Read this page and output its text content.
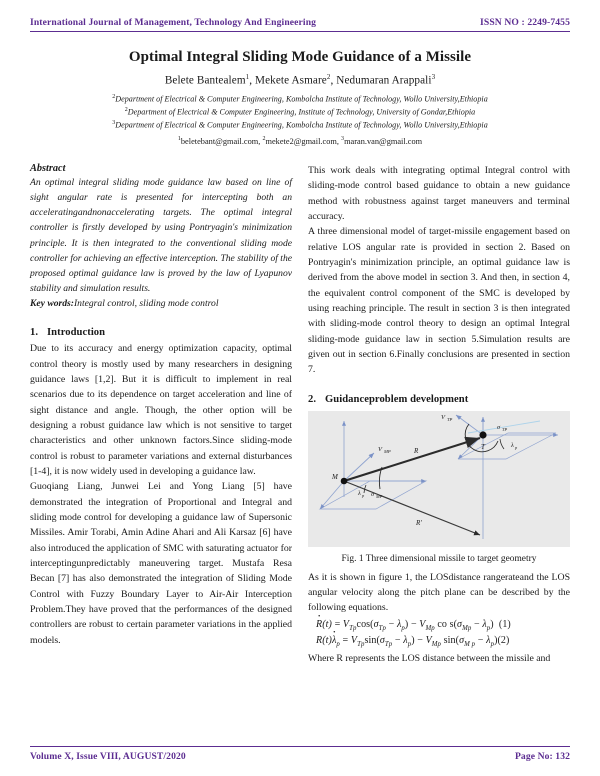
International Journal of Management, Technology And Engineering	ISSN NO : 2249-7455
Optimal Integral Sliding Mode Guidance of a Missile
Belete Bantealem$^1$, Mekete Asmare$^2$, Nedumaran Arappali$^3$
$^2$Department of Electrical & Computer Engineering, Kombolcha Institute of Technology, Wollo University,Ethiopia
$^2$Department of Electrical & Computer Engineering, Institute of Technology, University of Gondar,Ethiopia
$^3$Department of Electrical & Computer Engineering, Kombolcha Institute of Technology, Wollo University,Ethiopia
$^1$beletebant@gmail.com, $^2$mekete2@gmail.com, $^3$maran.van@gmail.com
Abstract

An optimal integral sliding mode guidance law based on line of sight angular rate is presented for intercepting both an acceleratingandnonaccelerating targets. The optimal integral controller is firstly developed by using Pontryagin's minimization principle. It is then integrated to the conventional sliding mode controller for achieving an effective interception. The stability of the proposed optimal guidance law is proved by the law of Lyapunov stability and simulation results.

Key words:Integral control, sliding mode control
1. Introduction

Due to its accuracy and energy optimization capacity, optimal control theory is mostly used by many researchers in designing guidance laws [1,2]. But it is difficult to implement in real scenarios due to its dependence on target acceleration and line of sight distance and angle. Though, the other option will be designing a robust guidance law which is not sensitive to target characteristics and other unknown factors.Since sliding-mode control is robust to parameter variations and external disturbances [1-4], it is now widely used in developing a guidance law.

Guoqiang Liang, Junwei Lei and Yong Liang [5] have demonstrated the integration of Proportional and Integral and sliding mode control for developing a guidance law of Supersonic Missiles. Amir Torabi, Amin Adine Ahari and Ali Karsaz [6] have also introduced the application of SMC with saturating actuator for interceptingunpredictably maneuvering target. Mustafa Resa Becan [7] has also demonstrated the integration of Sliding Mode Control with Fuzzy Boundary Layer to Air-Air Interception Problem.They have proved that the performances of the designed controllers are robust to certain parameter variations in the applied models.

This work deals with integrating optimal Integral control with sliding-mode control based guidance to obtain a new guidance method with robustness against target maneuvers and terminal accuracy.

A three dimensional model of target-missile engagement based on relative LOS angular rate is provided in section 2. Based on Pontryagin's minimization principle, an optimal guidance law is derived from the above model in section 3. And then, in section 4, the equivalent control component of the SMC is developed by using reaching principle. The result in section 3 is then integrated with sliding-mode control theory to design an optimal Integral sliding-mode guidance law in section 5.Simulation results are given out in section 6.Finally conclusions are presented in section 7.

2. Guidanceproblem development
M
T
V MP
V TP
σ MP
σ TP
λ p
λ p
R
R'
Fig. 1 Three dimensional missile to target geometry

As it is shown in figure 1, the LOSdistance rangerateand the LOS angular velocity along the pitch plane can be described by the following equations.

$R \cdot(t) = V_{Tp}\cos(\sigma_{Tp} - \lambda_p) - V_{Mp}$ co $s(\sigma_{Mp} - \lambda_p)$  (1)
$R(t)\lambda \cdot_p = V_{Tp}\sin(\sigma_{Tp} - \lambda_p) - V_{Mp}$ $\sin(\sigma_{M p} - \lambda_p)(2)$

Where R represents the LOS distance between the missile and

Volume X, Issue VIII, AUGUST/2020	Page No: 132
